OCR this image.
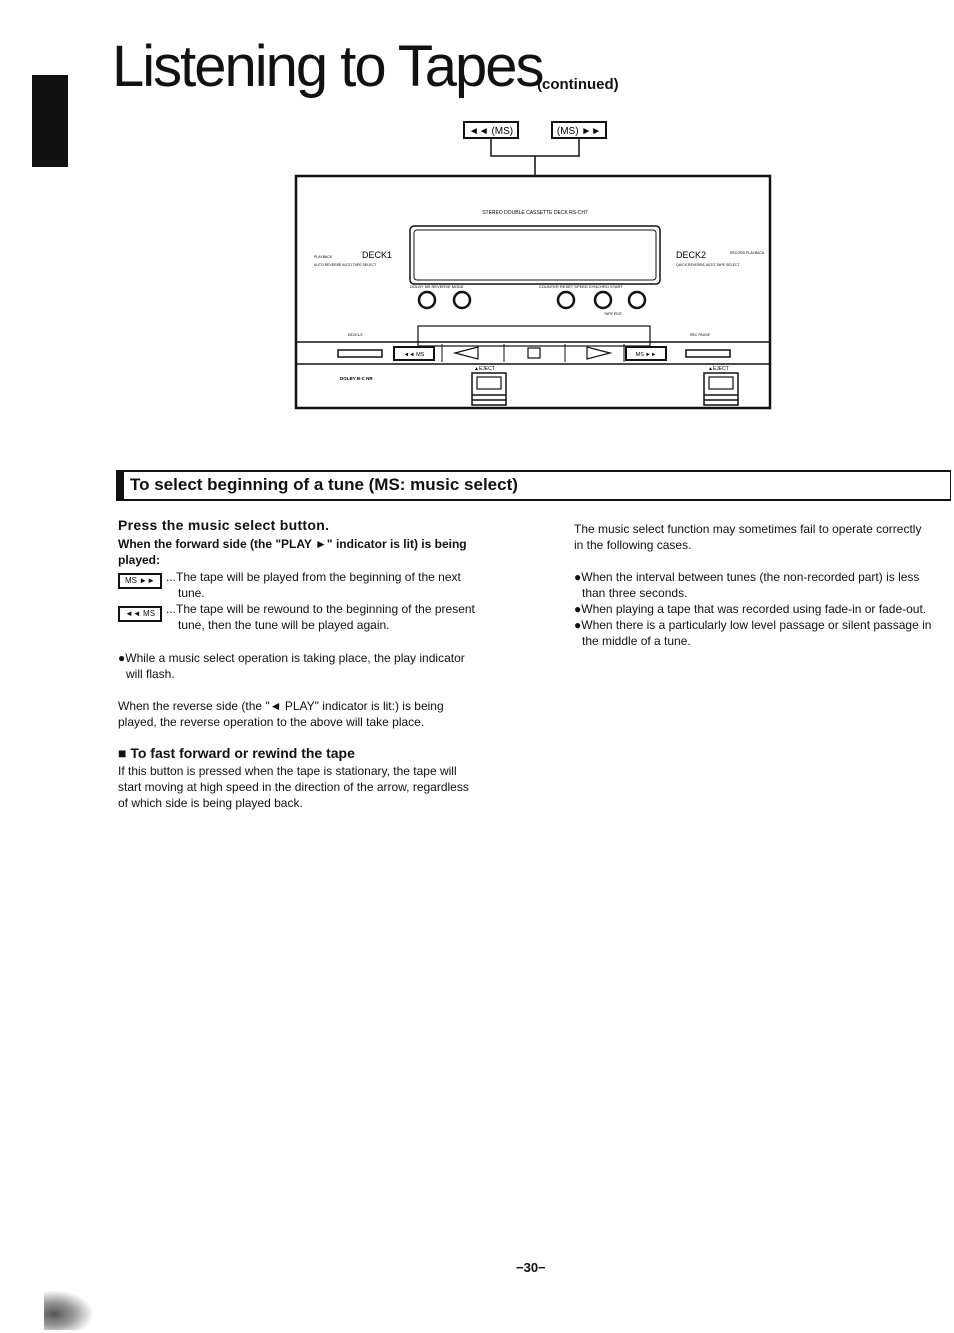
Listening to Tapes
(continued)
◄◄ (MS)	(MS) ►►
STEREO DOUBLE CASSETTE DECK RS-CH7
DECK1
PLAYBACK
AUTO REVERSE AUTO TAPE SELECT
DECK2	RECORD PLAYBACK
QUICK REVERSE AUTO TAPE SELECT
DOLBY NR REVERSE MODE	COUNTER RESET SPEED SYNCHRO START
TAPE EDIT
DECK1/2	REC PAUSE
◄◄ MS	MS ►►
DOLBY B-C NR
▲EJECT	▲EJECT
To select beginning of a tune (MS: music select)
Press the music select button.
When the forward side (the "PLAY ►" indicator is lit) is being
played:
MS ►► ...The tape will be played from the beginning of the next
tune.
◄◄ MS ...The tape will be rewound to the beginning of the present
tune, then the tune will be played again.
●While a music select operation is taking place, the play indicator
will flash.
When the reverse side (the "◄ PLAY" indicator is lit:) is being
played, the reverse operation to the above will take place.
■ To fast forward or rewind the tape
If this button is pressed when the tape is stationary, the tape will
start moving at high speed in the direction of the arrow, regardless
of which side is being played back.
The music select function may sometimes fail to operate correctly
in the following cases.
●When the interval between tunes (the non-recorded part) is less
than three seconds.
●When playing a tape that was recorded using fade-in or fade-out.
●When there is a particularly low level passage or silent passage in
the middle of a tune.
−30−
